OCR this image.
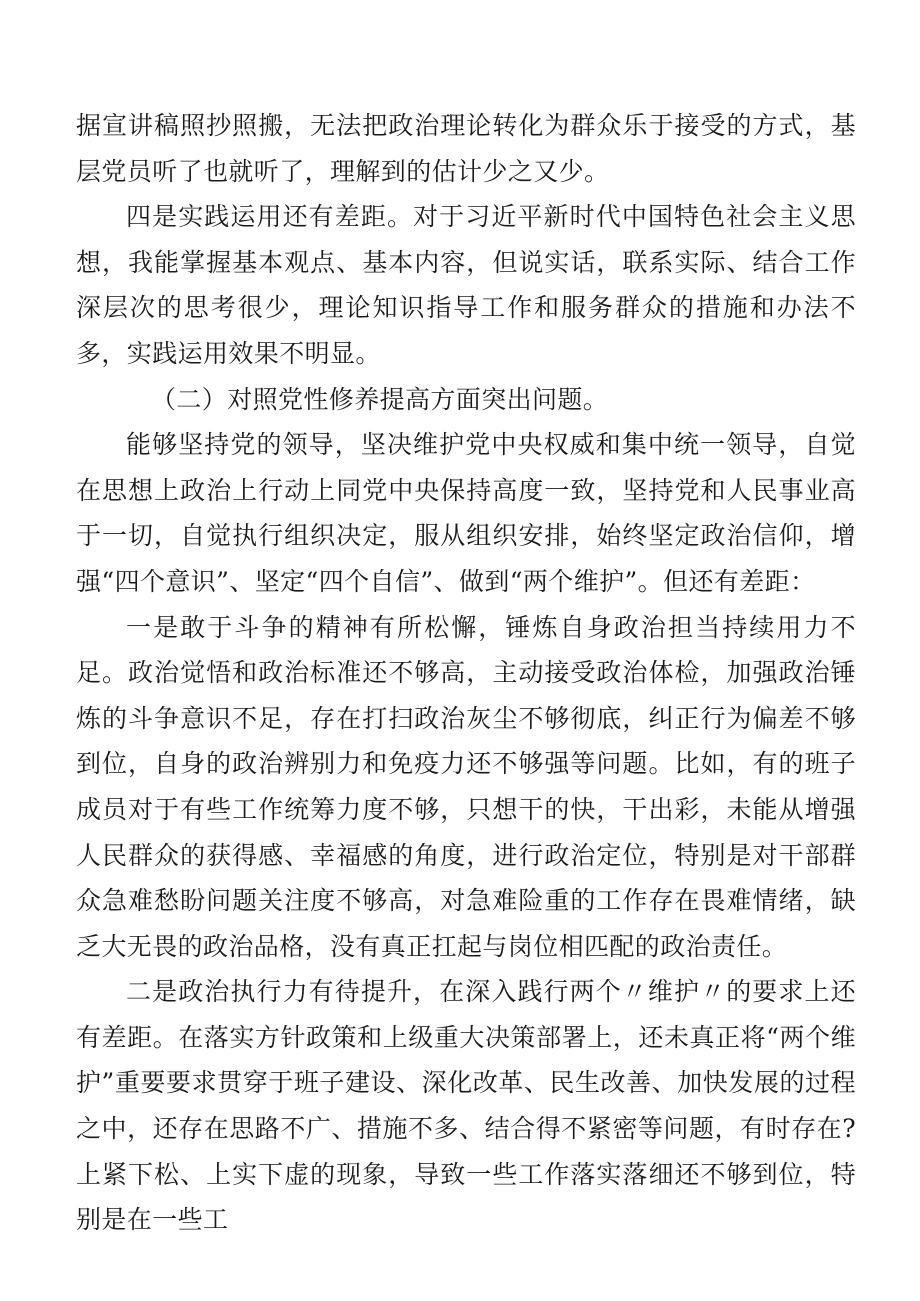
据宣讲稿照抄照搬，无法把政治理论转化为群众乐于接受的方式，基层党员听了也就听了，理解到的估计少之又少。

四是实践运用还有差距。对于习近平新时代中国特色社会主义思想，我能掌握基本观点、基本内容，但说实话，联系实际、结合工作深层次的思考很少，理论知识指导工作和服务群众的措施和办法不多，实践运用效果不明显。

（二）对照党性修养提高方面突出问题。

能够坚持党的领导，坚决维护党中央权威和集中统一领导，自觉在思想上政治上行动上同党中央保持高度一致，坚持党和人民事业高于一切，自觉执行组织决定，服从组织安排，始终坚定政治信仰，增强“四个意识”、坚定“四个自信”、做到“两个维护”。但还有差距：

一是敢于斗争的精神有所松懈，锤炼自身政治担当持续用力不足。政治觉悟和政治标准还不够高，主动接受政治体检，加强政治锤炼的斗争意识不足，存在打扫政治灰尘不够彻底，纠正行为偏差不够到位，自身的政治辨别力和免疫力还不够强等问题。比如，有的班子成员对于有些工作统筹力度不够，只想干的快，干出彩，未能从增强人民群众的获得感、幸福感的角度，进行政治定位，特别是对干部群众急难愁盼问题关注度不够高，对急难险重的工作存在畏难情绪，缺乏大无畏的政治品格，没有真正扛起与岗位相匹配的政治责任。

二是政治执行力有待提升，在深入践行两个〃维护〃的要求上还有差距。在落实方针政策和上级重大决策部署上，还未真正将“两个维护”重要要求贯穿于班子建设、深化改革、民生改善、加快发展的过程之中，还存在思路不广、措施不多、结合得不紧密等问题，有时存在?上紧下松、上实下虚的现象，导致一些工作落实落细还不够到位，特别是在一些工
